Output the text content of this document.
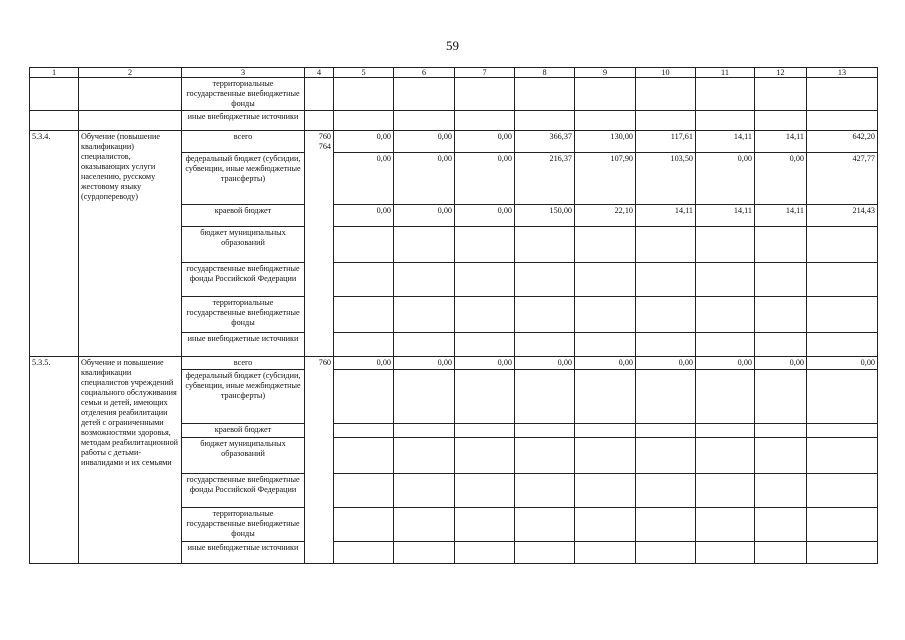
59
1	2	3	4	5	6	7	8	9	10	11	12	13
		территориальные государственные внебюджетные фонды										
		иные внебюджетные источники										
5.3.4.	Обучение (повышение квалификации) специалистов, оказывающих услуги населению, русскому жестовому языку (сурдопереводу)	всего	760 764	0,00	0,00	0,00	366,37	130,00	117,61	14,11	14,11	642,20
		федеральный бюджет (субсидии, субвенции, иные межбюджетные трансферты)		0,00	0,00	0,00	216,37	107,90	103,50	0,00	0,00	427,77
		краевой бюджет		0,00	0,00	0,00	150,00	22,10	14,11	14,11	14,11	214,43
		бюджет муниципальных образований										
		государственные внебюджетные фонды Российской Федерации										
		территориальные государственные внебюджетные фонды										
		иные внебюджетные источники										
5.3.5.	Обучение и повышение квалификации специалистов учреждений социального обслуживания семьи и детей, имеющих отделения реабилитации детей с ограниченными возможностями здоровья, методам реабилитационной работы с детьми-инвалидами и их семьями	всего	760	0,00	0,00	0,00	0,00	0,00	0,00	0,00	0,00	0,00
		федеральный бюджет (субсидии, субвенции, иные межбюджетные трансферты)										
		краевой бюджет										
		бюджет муниципальных образований										
		государственные внебюджетные фонды Российской Федерации										
		территориальные государственные внебюджетные фонды										
		иные внебюджетные источники										
